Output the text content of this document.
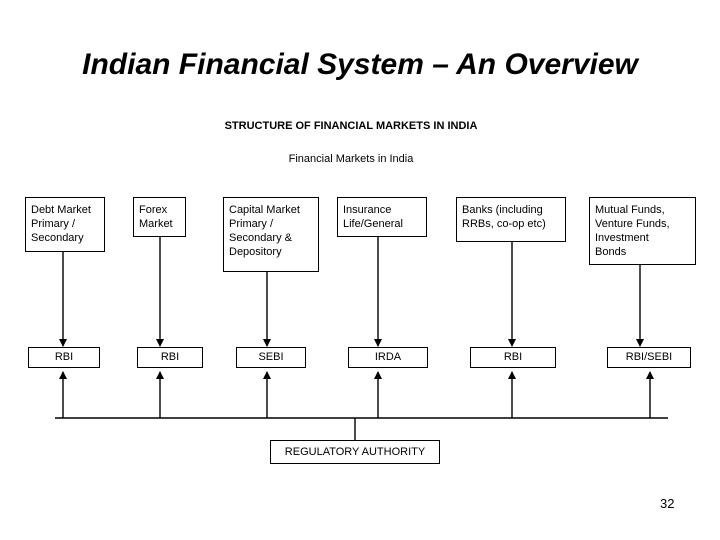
Indian Financial System – An Overview
STRUCTURE OF FINANCIAL MARKETS IN INDIA
Financial Markets in India
Debt Market
Primary /
Secondary
Forex
Market
Capital Market
Primary /
Secondary &
Depository
Insurance
Life/General
Banks (including
RRBs, co-op etc)
Mutual Funds,
Venture Funds,
Investment
Bonds
RBI	RBI	SEBI	IRDA	RBI	RBI/SEBI
REGULATORY AUTHORITY
32
